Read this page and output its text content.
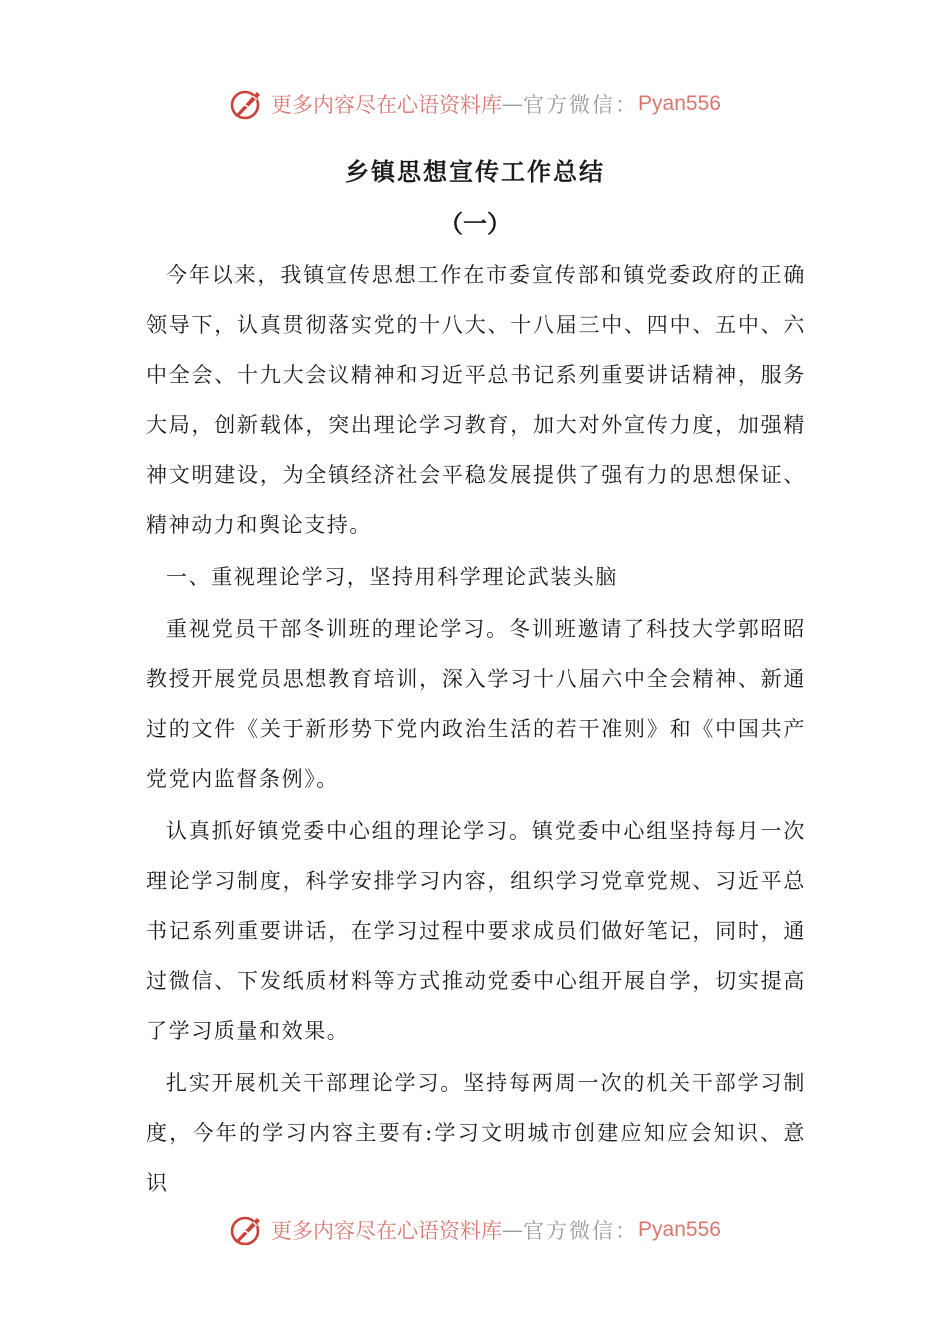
更多内容尽在心语资料库 — 官方微信： Pyan556
乡镇思想宣传工作总结
（一）

今年以来，我镇宣传思想工作在市委宣传部和镇党委政府的正确领导下，认真贯彻落实党的十八大、十八届三中、四中、五中、六中全会、十九大会议精神和习近平总书记系列重要讲话精神，服务大局，创新载体，突出理论学习教育，加大对外宣传力度，加强精神文明建设，为全镇经济社会平稳发展提供了强有力的思想保证、精神动力和舆论支持。

一、重视理论学习，坚持用科学理论武装头脑

重视党员干部冬训班的理论学习。冬训班邀请了科技大学郭昭昭教授开展党员思想教育培训，深入学习十八届六中全会精神、新通过的文件《关于新形势下党内政治生活的若干准则》和《中国共产党党内监督条例》。

认真抓好镇党委中心组的理论学习。镇党委中心组坚持每月一次理论学习制度，科学安排学习内容，组织学习党章党规、习近平总书记系列重要讲话，在学习过程中要求成员们做好笔记，同时，通过微信、下发纸质材料等方式推动党委中心组开展自学，切实提高了学习质量和效果。

扎实开展机关干部理论学习。坚持每两周一次的机关干部学习制度，今年的学习内容主要有:学习文明城市创建应知应会知识、意识

更多内容尽在心语资料库 — 官方微信： Pyan556
